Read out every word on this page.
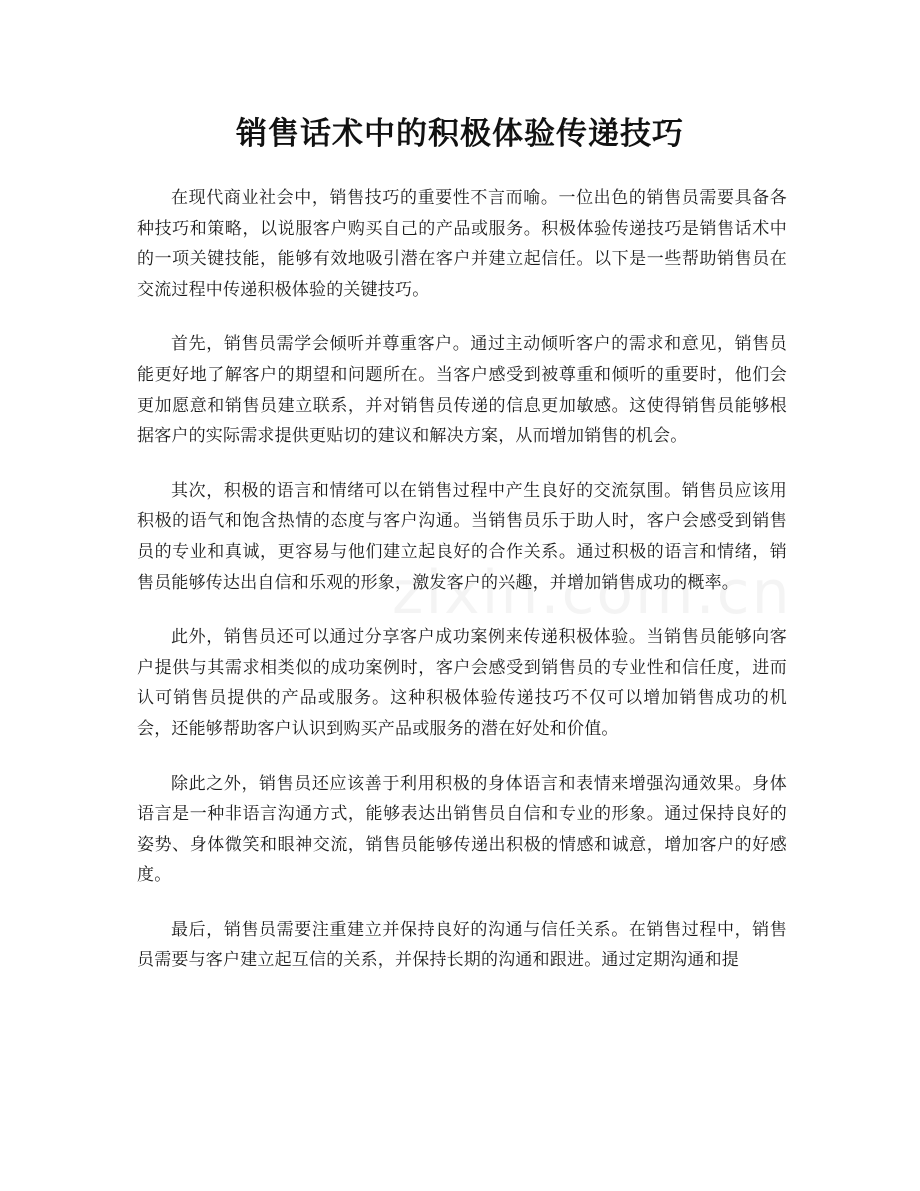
销售话术中的积极体验传递技巧

在现代商业社会中，销售技巧的重要性不言而喻。一位出色的销售员需要具备各种技巧和策略，以说服客户购买自己的产品或服务。积极体验传递技巧是销售话术中的一项关键技能，能够有效地吸引潜在客户并建立起信任。以下是一些帮助销售员在交流过程中传递积极体验的关键技巧。

首先，销售员需学会倾听并尊重客户。通过主动倾听客户的需求和意见，销售员能更好地了解客户的期望和问题所在。当客户感受到被尊重和倾听的重要时，他们会更加愿意和销售员建立联系，并对销售员传递的信息更加敏感。这使得销售员能够根据客户的实际需求提供更贴切的建议和解决方案，从而增加销售的机会。

其次，积极的语言和情绪可以在销售过程中产生良好的交流氛围。销售员应该用积极的语气和饱含热情的态度与客户沟通。当销售员乐于助人时，客户会感受到销售员的专业和真诚，更容易与他们建立起良好的合作关系。通过积极的语言和情绪，销售员能够传达出自信和乐观的形象，激发客户的兴趣，并增加销售成功的概率。

此外，销售员还可以通过分享客户成功案例来传递积极体验。当销售员能够向客户提供与其需求相类似的成功案例时，客户会感受到销售员的专业性和信任度，进而认可销售员提供的产品或服务。这种积极体验传递技巧不仅可以增加销售成功的机会，还能够帮助客户认识到购买产品或服务的潜在好处和价值。

除此之外，销售员还应该善于利用积极的身体语言和表情来增强沟通效果。身体语言是一种非语言沟通方式，能够表达出销售员自信和专业的形象。通过保持良好的姿势、身体微笑和眼神交流，销售员能够传递出积极的情感和诚意，增加客户的好感度。

最后，销售员需要注重建立并保持良好的沟通与信任关系。在销售过程中，销售员需要与客户建立起互信的关系，并保持长期的沟通和跟进。通过定期沟通和提
